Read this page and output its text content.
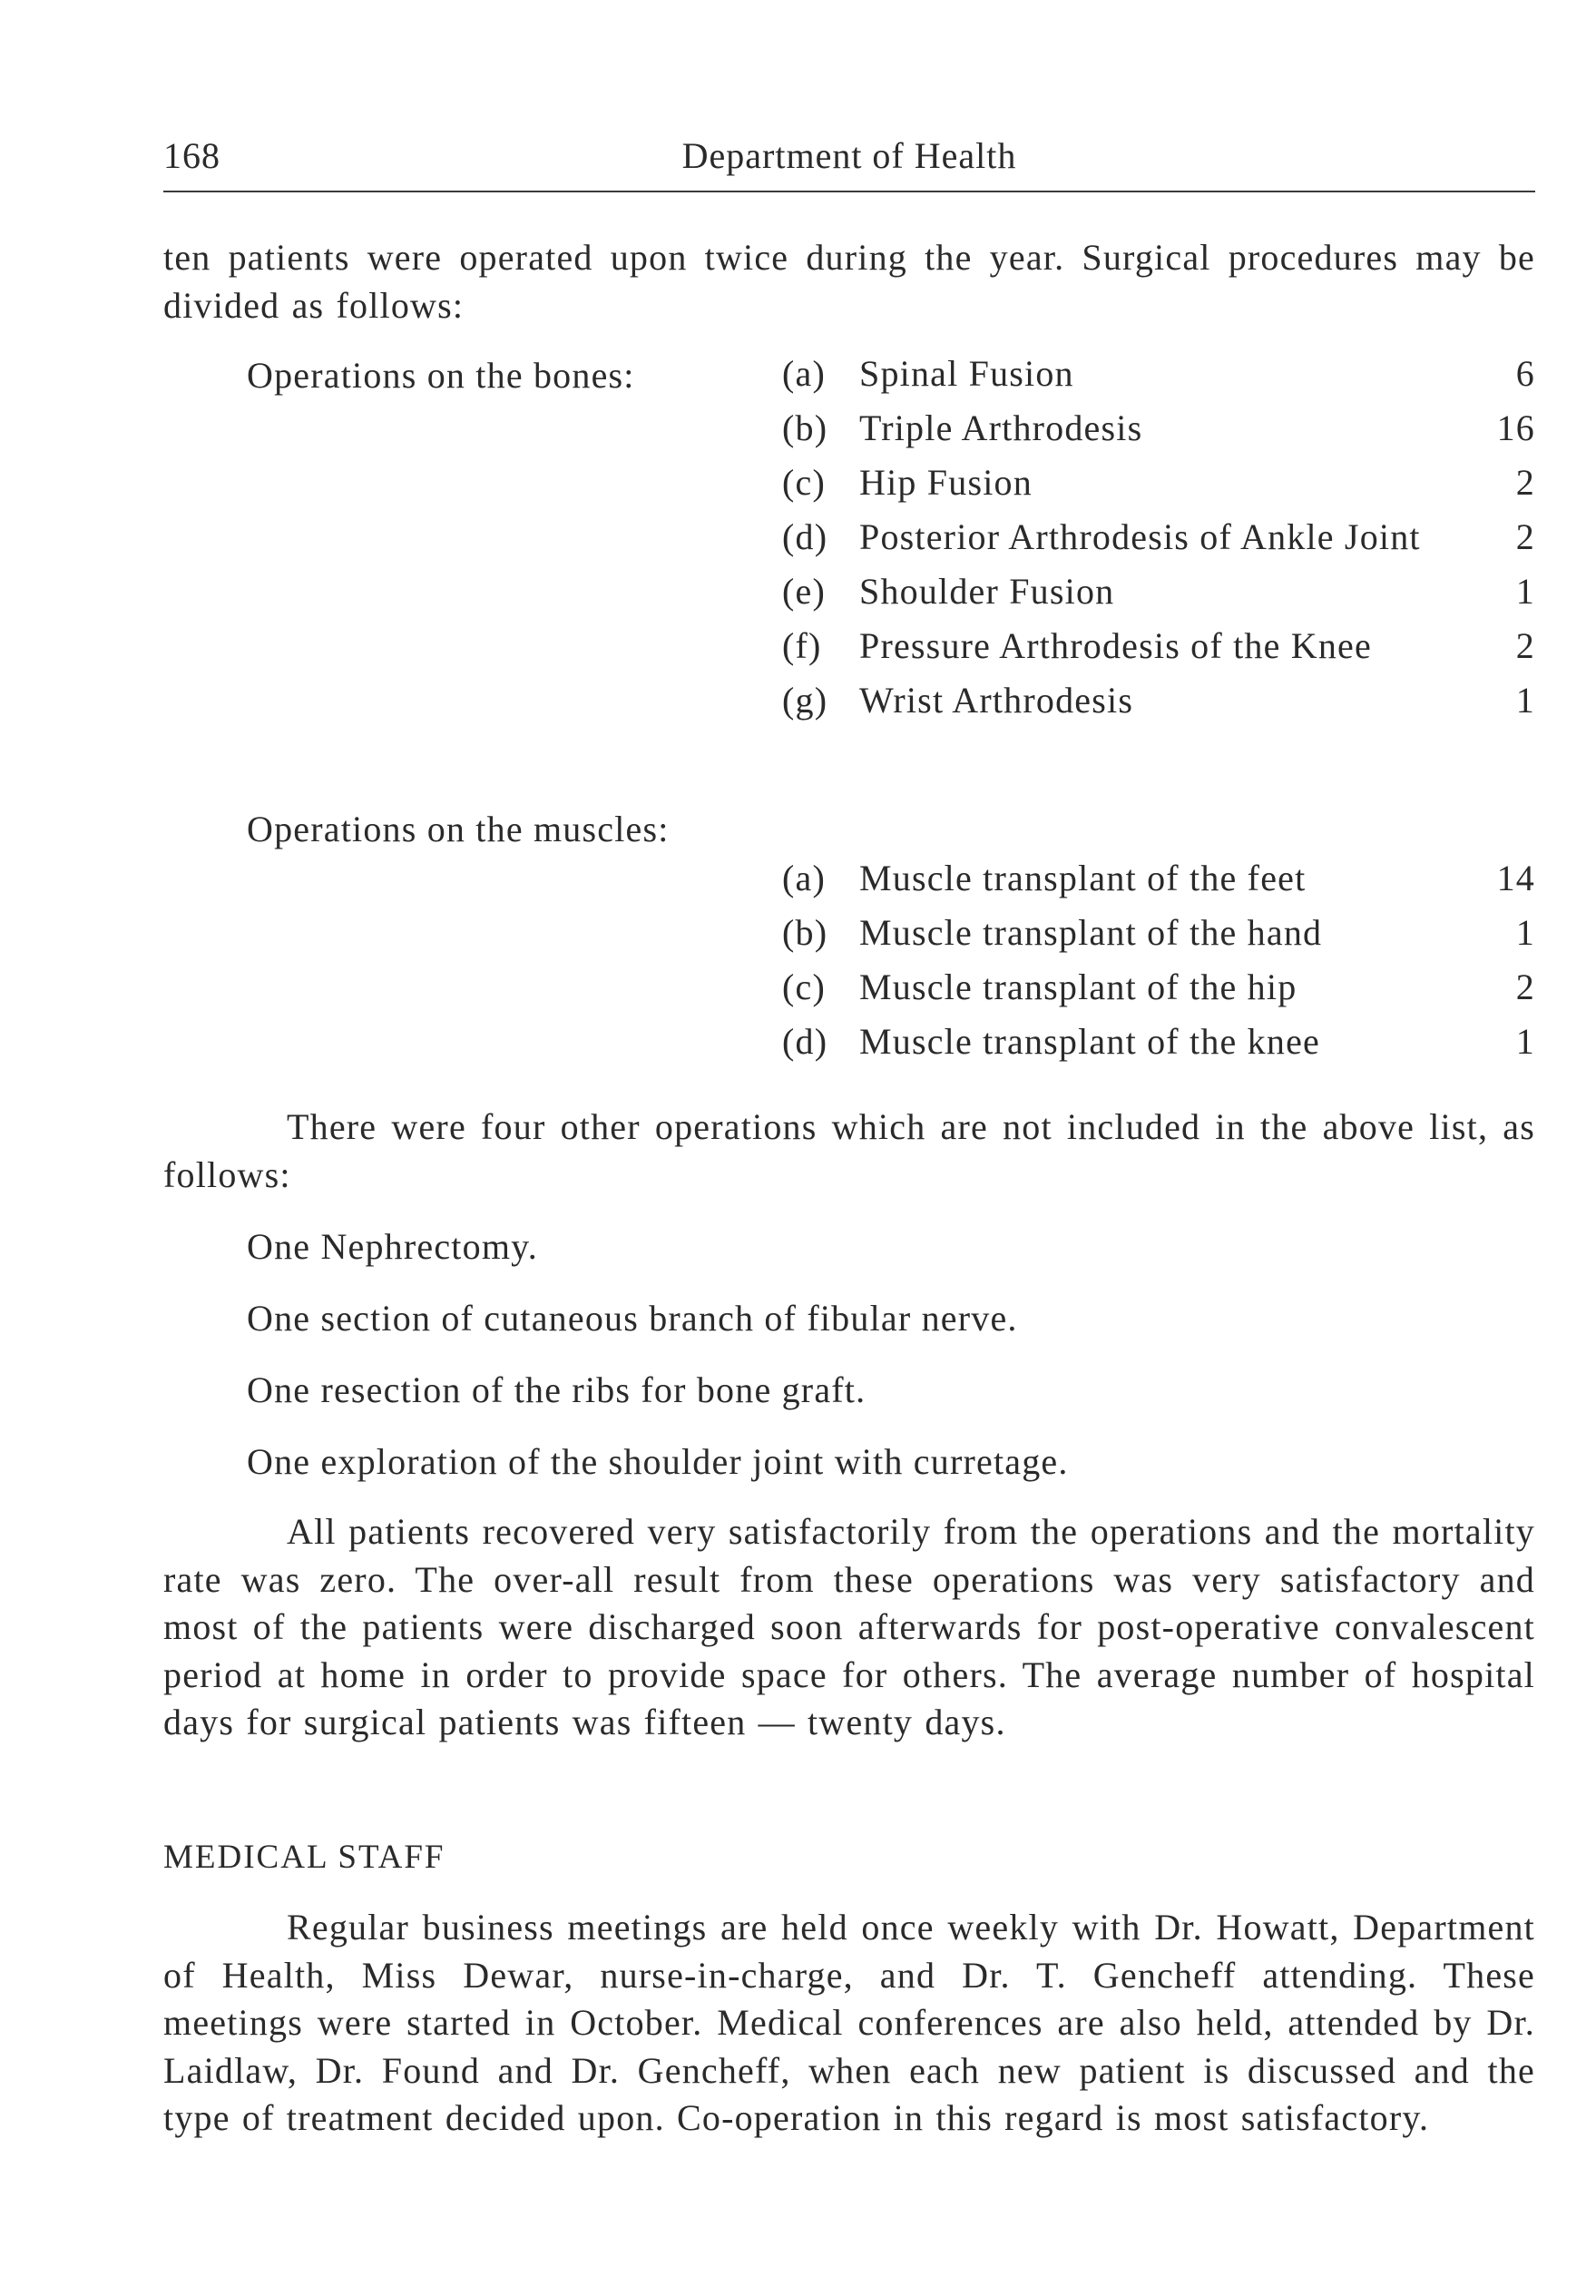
168	Department of Health

ten patients were operated upon twice during the year. Surgical procedures may be divided as follows:

Operations on the bones:	(a) Spinal Fusion	6
(b) Triple Arthrodesis	16
(c) Hip Fusion	2
(d) Posterior Arthrodesis of Ankle Joint	2
(e) Shoulder Fusion	1
(f) Pressure Arthrodesis of the Knee	2
(g) Wrist Arthrodesis	1
Operations on the muscles:
(a) Muscle transplant of the feet	14
(b) Muscle transplant of the hand	1
(c) Muscle transplant of the hip	2
(d) Muscle transplant of the knee	1

There were four other operations which are not included in the above list, as follows:

One Nephrectomy.
One section of cutaneous branch of fibular nerve.
One resection of the ribs for bone graft.
One exploration of the shoulder joint with curretage.

All patients recovered very satisfactorily from the operations and the mortality rate was zero. The over-all result from these operations was very satisfactory and most of the patients were discharged soon afterwards for post-operative convalescent period at home in order to provide space for others. The average number of hospital days for surgical patients was fifteen — twenty days.

MEDICAL STAFF

Regular business meetings are held once weekly with Dr. Howatt, Department of Health, Miss Dewar, nurse-in-charge, and Dr. T. Gencheff attending. These meetings were started in October. Medical conferences are also held, attended by Dr. Laidlaw, Dr. Found and Dr. Gencheff, when each new patient is discussed and the type of treatment decided upon. Co-operation in this regard is most satisfactory.
